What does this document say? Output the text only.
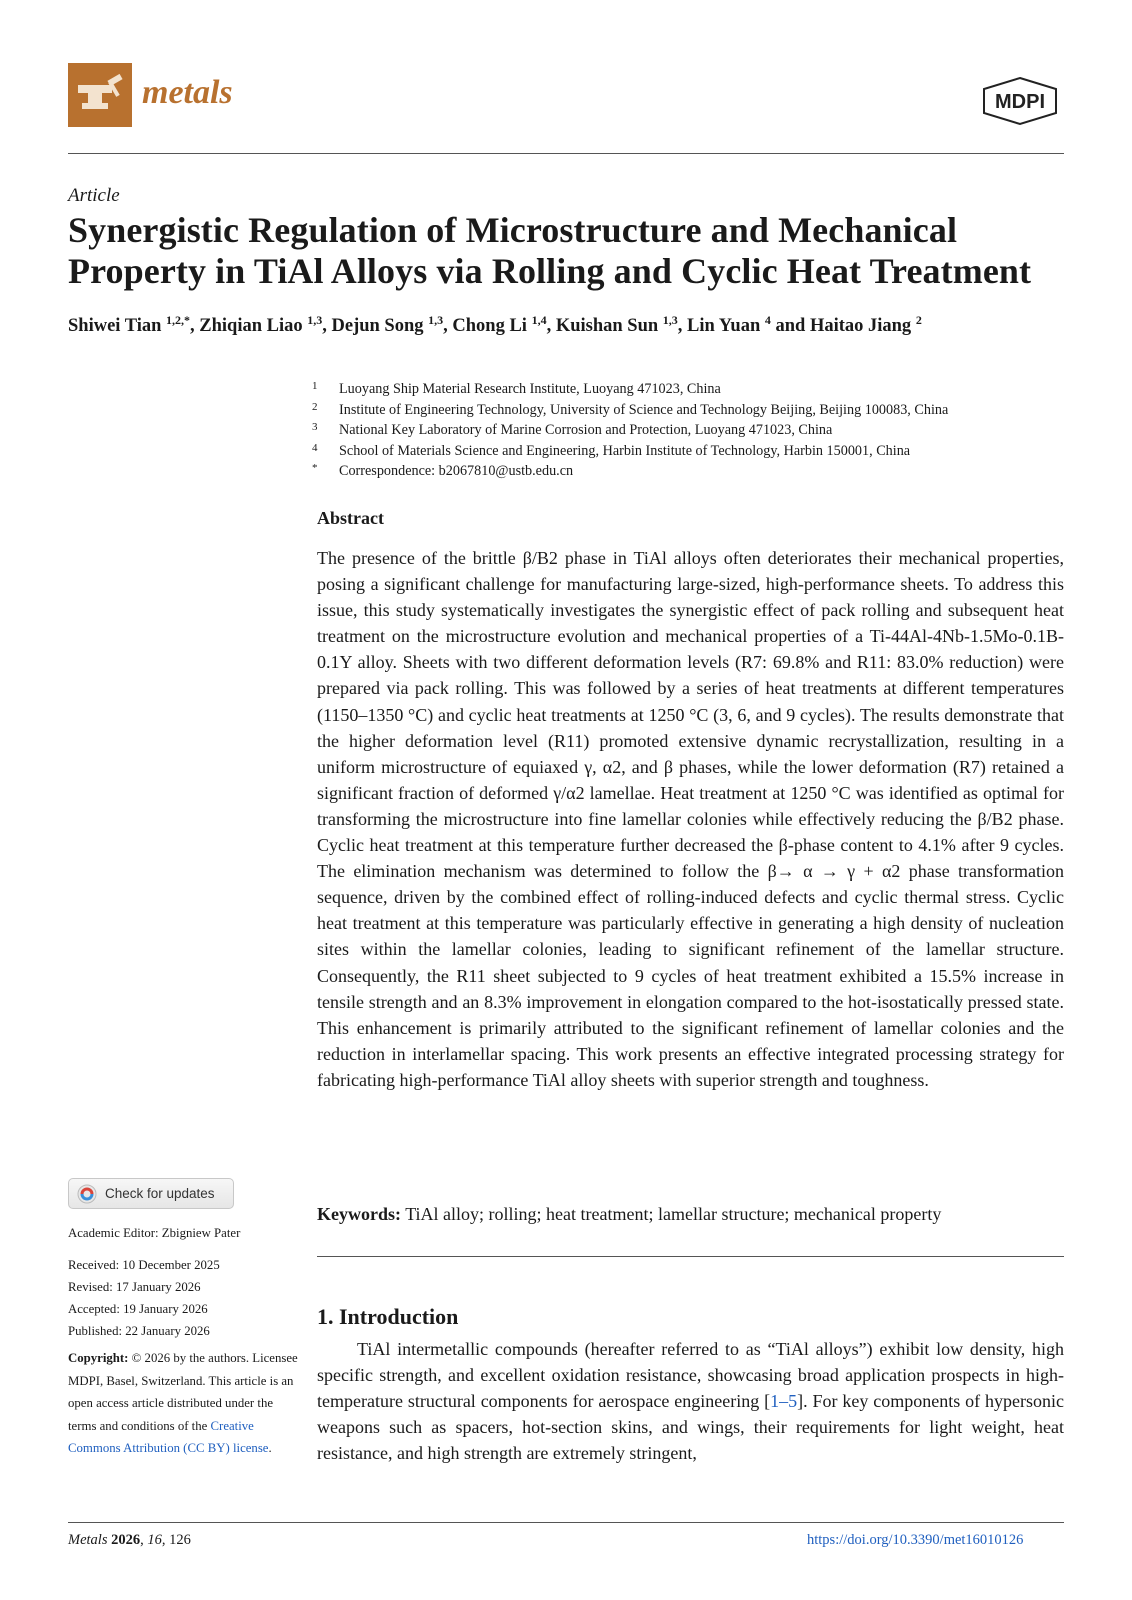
metals	MDPI
Article
Synergistic Regulation of Microstructure and Mechanical Property in TiAl Alloys via Rolling and Cyclic Heat Treatment
Shiwei Tian $^{1,2,*}$, Zhiqian Liao $^{1,3}$, Dejun Song $^{1,3}$, Chong Li $^{1,4}$, Kuishan Sun $^{1,3}$, Lin Yuan $^4$ and Haitao Jiang $^2$
1	Luoyang Ship Material Research Institute, Luoyang 471023, China
2	Institute of Engineering Technology, University of Science and Technology Beijing, Beijing 100083, China
3	National Key Laboratory of Marine Corrosion and Protection, Luoyang 471023, China
4	School of Materials Science and Engineering, Harbin Institute of Technology, Harbin 150001, China
*	Correspondence: b2067810@ustb.edu.cn
Abstract
The presence of the brittle β/B2 phase in TiAl alloys often deteriorates their mechanical properties, posing a significant challenge for manufacturing large-sized, high-performance sheets. To address this issue, this study systematically investigates the synergistic effect of pack rolling and subsequent heat treatment on the microstructure evolution and mechanical properties of a Ti-44Al-4Nb-1.5Mo-0.1B-0.1Y alloy. Sheets with two different deformation levels (R7: 69.8% and R11: 83.0% reduction) were prepared via pack rolling. This was followed by a series of heat treatments at different temperatures (1150–1350 °C) and cyclic heat treatments at 1250 °C (3, 6, and 9 cycles). The results demonstrate that the higher deformation level (R11) promoted extensive dynamic recrystallization, resulting in a uniform microstructure of equiaxed γ, α2, and β phases, while the lower deformation (R7) retained a significant fraction of deformed γ/α2 lamellae. Heat treatment at 1250 °C was identified as optimal for transforming the microstructure into fine lamellar colonies while effectively reducing the β/B2 phase. Cyclic heat treatment at this temperature further decreased the β-phase content to 4.1% after 9 cycles. The elimination mechanism was determined to follow the β→ α → γ + α2 phase transformation sequence, driven by the combined effect of rolling-induced defects and cyclic thermal stress. Cyclic heat treatment at this temperature was particularly effective in generating a high density of nucleation sites within the lamellar colonies, leading to significant refinement of the lamellar structure. Consequently, the R11 sheet subjected to 9 cycles of heat treatment exhibited a 15.5% increase in tensile strength and an 8.3% improvement in elongation compared to the hot-isostatically pressed state. This enhancement is primarily attributed to the significant refinement of lamellar colonies and the reduction in interlamellar spacing. This work presents an effective integrated processing strategy for fabricating high-performance TiAl alloy sheets with superior strength and toughness.
Keywords: TiAl alloy; rolling; heat treatment; lamellar structure; mechanical property
1. Introduction
TiAl intermetallic compounds (hereafter referred to as “TiAl alloys”) exhibit low density, high specific strength, and excellent oxidation resistance, showcasing broad application prospects in high-temperature structural components for aerospace engineering [1–5]. For key components of hypersonic weapons such as spacers, hot-section skins, and wings, their requirements for light weight, heat resistance, and high strength are extremely stringent,
Check for updates
Academic Editor: Zbigniew Pater
Received: 10 December 2025
Revised: 17 January 2026
Accepted: 19 January 2026
Published: 22 January 2026
Copyright: © 2026 by the authors. Licensee MDPI, Basel, Switzerland. This article is an open access article distributed under the terms and conditions of the Creative Commons Attribution (CC BY) license.
Metals 2026, 16, 126	https://doi.org/10.3390/met16010126
